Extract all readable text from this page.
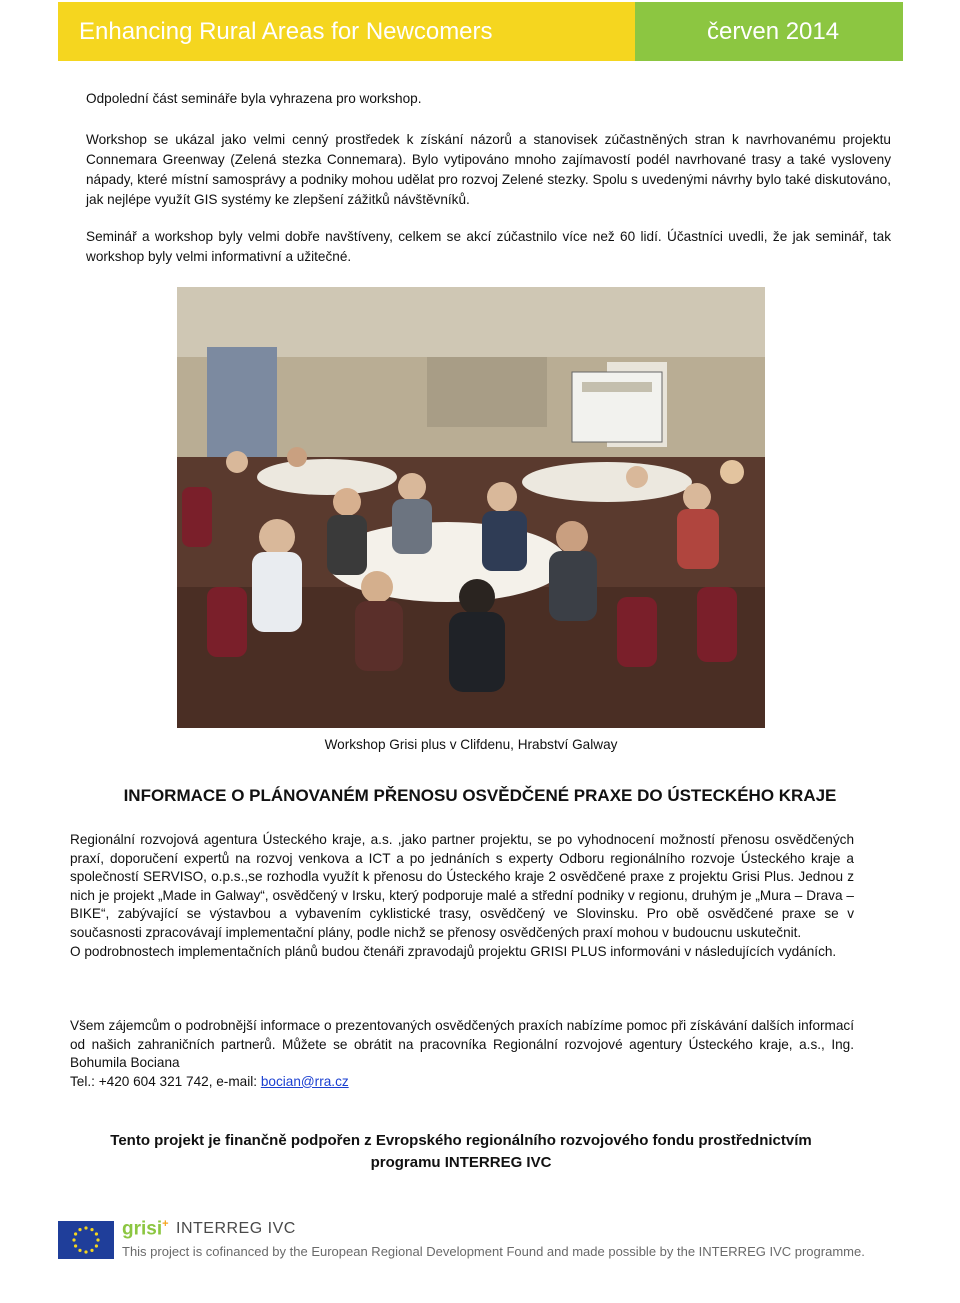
Enhancing Rural Areas for Newcomers	červen 2014
Odpolední část semináře byla vyhrazena pro workshop.
Workshop se ukázal jako velmi cenný prostředek k získání názorů a stanovisek zúčastněných stran k navrhovanému projektu Connemara Greenway (Zelená stezka Connemara). Bylo vytipováno mnoho zajímavostí podél navrhované trasy a také vysloveny nápady, které místní samosprávy a podniky mohou udělat pro rozvoj Zelené stezky. Spolu s uvedenými návrhy bylo také diskutováno, jak nejlépe využít GIS systémy ke zlepšení zážitků návštěvníků.
Seminář a workshop byly velmi dobře navštíveny, celkem se akcí zúčastnilo více než 60 lidí. Účastníci uvedli, že jak seminář, tak workshop byly velmi informativní a užitečné.
Workshop Grisi plus v Clifdenu, Hrabství Galway
INFORMACE O PLÁNOVANÉM PŘENOSU OSVĚDČENÉ PRAXE DO ÚSTECKÉHO KRAJE
Regionální rozvojová agentura Ústeckého kraje, a.s. ,jako partner projektu, se po vyhodnocení možností přenosu osvědčených praxí, doporučení expertů na rozvoj venkova a ICT a po jednáních s experty Odboru regionálního rozvoje Ústeckého kraje a společností SERVISO, o.p.s.,se rozhodla využít k přenosu do Ústeckého kraje 2 osvědčené praxe z projektu Grisi Plus. Jednou z nich je projekt „Made in Galway“, osvědčený v Irsku, který podporuje malé a střední podniky v regionu, druhým je „Mura – Drava –BIKE“, zabývající se výstavbou a vybavením cyklistické trasy, osvědčený ve Slovinsku. Pro obě osvědčené praxe se v současnosti zpracovávají implementační plány, podle nichž se přenosy osvědčených praxí mohou v budoucnu uskutečnit.
O podrobnostech implementačních plánů budou čtenáři zpravodajů projektu GRISI PLUS informováni v následujících vydáních.
Všem zájemcům o podrobnější informace o prezentovaných osvědčených praxích nabízíme pomoc při získávání dalších informací od našich zahraničních partnerů. Můžete se obrátit na pracovníka Regionální rozvojové agentury Ústeckého kraje, a.s., Ing. Bohumila Bociana
Tel.: +420 604 321 742, e-mail: bocian@rra.cz
Tento projekt je finančně podpořen z Evropského regionálního rozvojového fondu prostřednictvím
programu INTERREG IVC
grisi+ INTERREG IVC
This project is cofinanced by the European Regional Development Found and made possible by the INTERREG IVC programme.
